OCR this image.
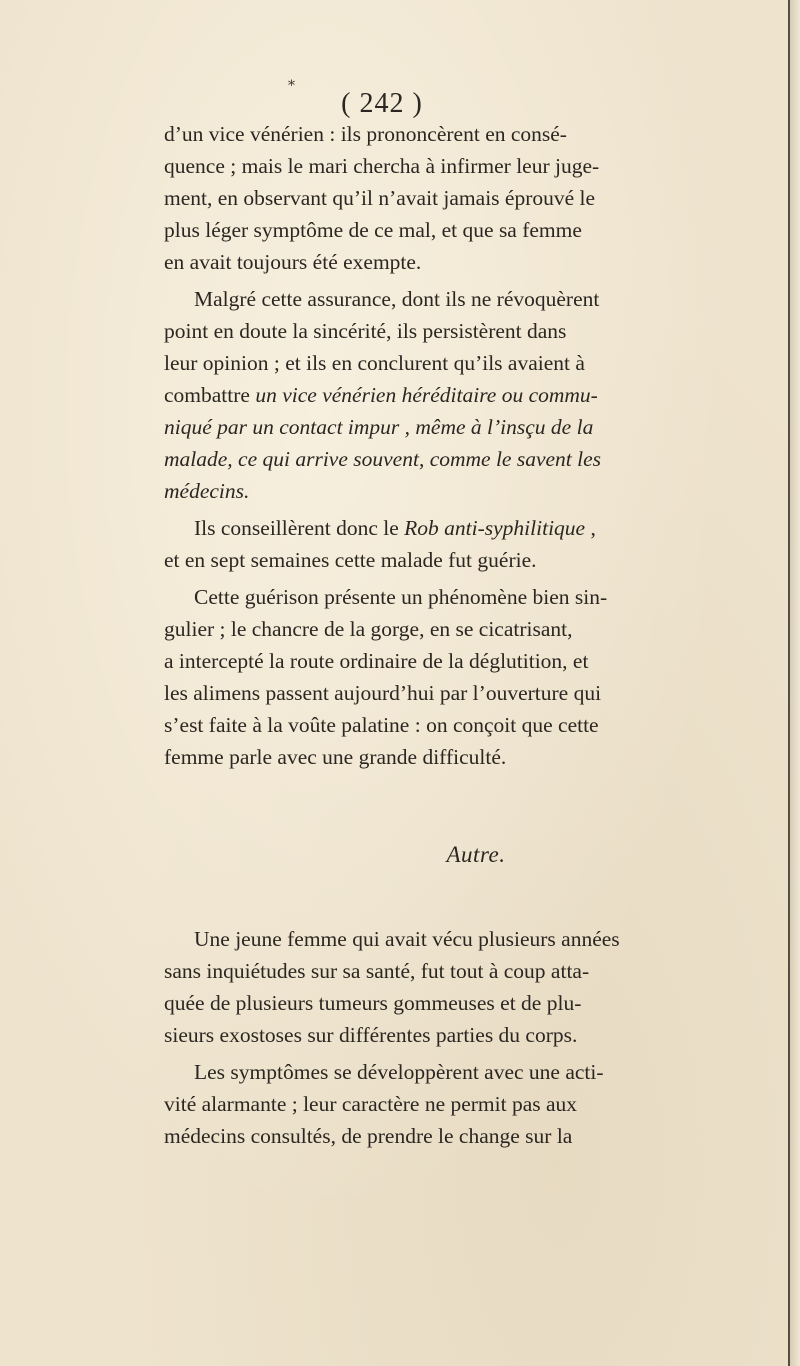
*
( 242 )

d’un vice vénérien : ils prononcèrent en consé-
quence ; mais le mari chercha à infirmer leur juge-
ment, en observant qu’il n’avait jamais éprouvé le
plus léger symptôme de ce mal, et que sa femme
en avait toujours été exempte.

Malgré cette assurance, dont ils ne révoquèrent
point en doute la sincérité, ils persistèrent dans
leur opinion ; et ils en conclurent qu’ils avaient à
combattre un vice vénérien héréditaire ou commu-
niqué par un contact impur , même à l’insçu de la
malade, ce qui arrive souvent, comme le savent les
médecins.

Ils conseillèrent donc le Rob anti-syphilitique ,
et en sept semaines cette malade fut guérie.

Cette guérison présente un phénomène bien sin-
gulier ; le chancre de la gorge, en se cicatrisant,
a intercepté la route ordinaire de la déglutition, et
les alimens passent aujourd’hui par l’ouverture qui
s’est faite à la voûte palatine : on conçoit que cette
femme parle avec une grande difficulté.

Autre.

Une jeune femme qui avait vécu plusieurs années
sans inquiétudes sur sa santé, fut tout à coup atta-
quée de plusieurs tumeurs gommeuses et de plu-
sieurs exostoses sur différentes parties du corps.

Les symptômes se développèrent avec une acti-
vité alarmante ; leur caractère ne permit pas aux
médecins consultés, de prendre le change sur la
